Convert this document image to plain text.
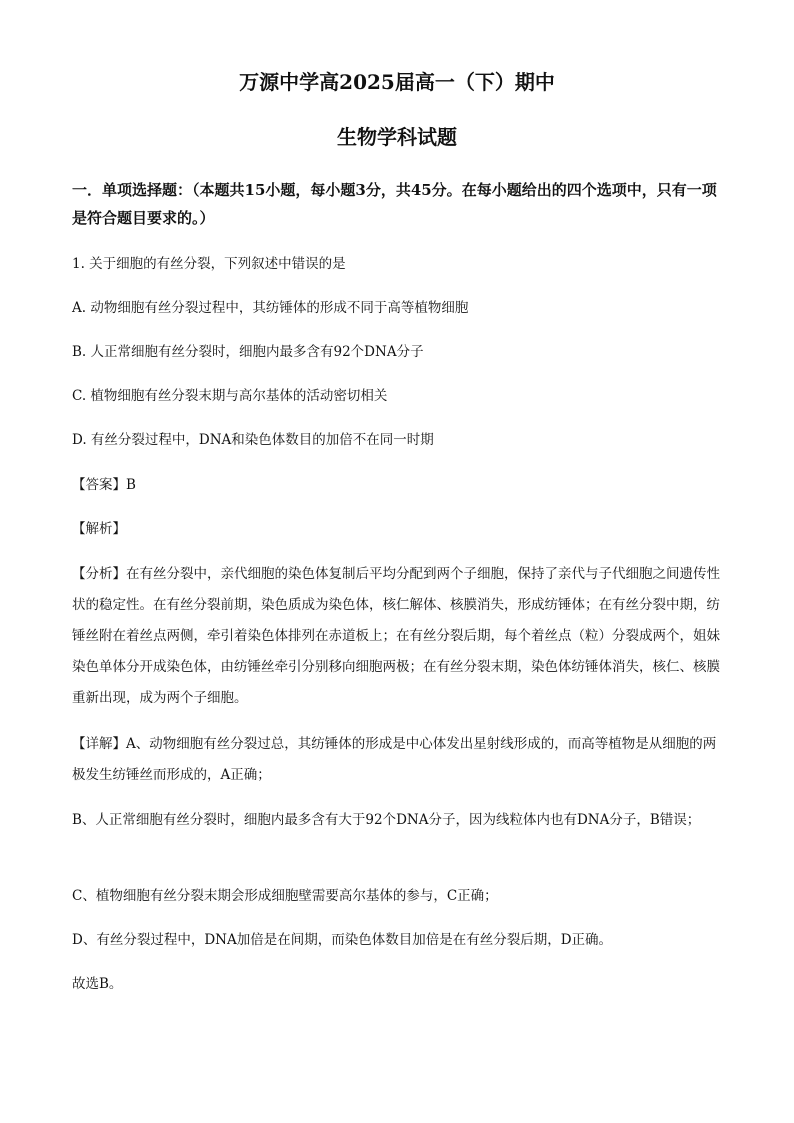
万源中学高2025届高一（下）期中
生物学科试题

一．单项选择题：（本题共15小题，每小题3分，共45分。在每小题给出的四个选项中，只有一项是符合题目要求的。）

1. 关于细胞的有丝分裂，下列叙述中错误的是

A. 动物细胞有丝分裂过程中，其纺锤体的形成不同于高等植物细胞

B. 人正常细胞有丝分裂时，细胞内最多含有92个DNA分子

C. 植物细胞有丝分裂末期与高尔基体的活动密切相关

D. 有丝分裂过程中，DNA和染色体数目的加倍不在同一时期

【答案】B

【解析】

【分析】在有丝分裂中，亲代细胞的染色体复制后平均分配到两个子细胞，保持了亲代与子代细胞之间遗传性状的稳定性。在有丝分裂前期，染色质成为染色体，核仁解体、核膜消失，形成纺锤体；在有丝分裂中期，纺锤丝附在着丝点两侧，牵引着染色体排列在赤道板上；在有丝分裂后期，每个着丝点（粒）分裂成两个，姐妹染色单体分开成染色体，由纺锤丝牵引分别移向细胞两极；在有丝分裂末期，染色体纺锤体消失，核仁、核膜重新出现，成为两个子细胞。

【详解】A、动物细胞有丝分裂过总，其纺锤体的形成是中心体发出星射线形成的，而高等植物是从细胞的两极发生纺锤丝而形成的，A正确；

B、人正常细胞有丝分裂时，细胞内最多含有大于92个DNA分子，因为线粒体内也有DNA分子，B错误；

C、植物细胞有丝分裂末期会形成细胞壁需要高尔基体的参与，C正确；

D、有丝分裂过程中，DNA加倍是在间期，而染色体数目加倍是在有丝分裂后期，D正确。

故选B。
